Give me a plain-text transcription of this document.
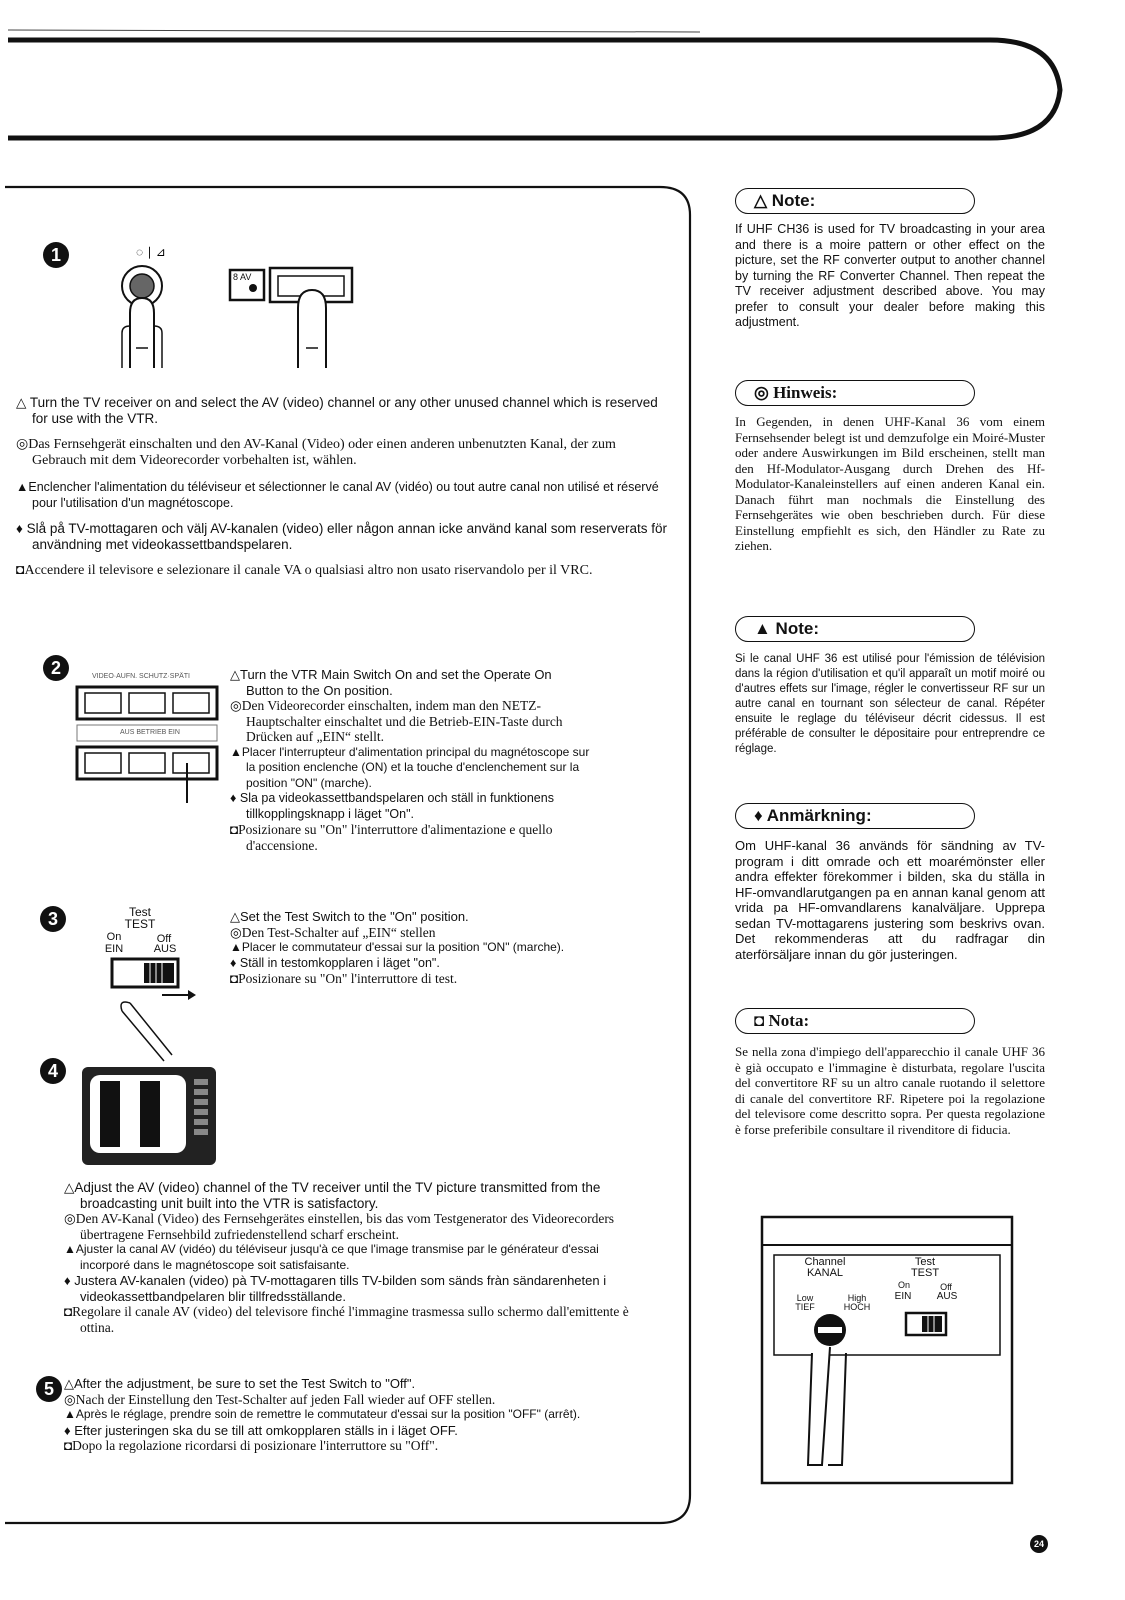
1	◌ ∣ ⊿
8 AV

△ Turn the TV receiver on and select the AV (video) channel or any other unused channel which is reserved for use with the VTR.

◎Das Fernsehgerät einschalten und den AV-Kanal (Video) oder einen anderen unbenutzten Kanal, der zum Gebrauch mit dem Videorecorder vorbehalten ist, wählen.

▲Enclencher l'alimentation du téléviseur et sélectionner le canal AV (vidéo) ou tout autre canal non utilisé et réservé pour l'utilisation d'un magnétoscope.

♦ Slå på TV-mottagaren och välj AV-kanalen (video) eller någon annan icke använd kanal som reserverats för användning met videokassettbandspelaren.

◘Accendere il televisore e selezionare il canale VA o qualsiasi altro non usato riservandolo per il VRC.

2	VIDEO·AUFN. SCHUTZ·SPÄTI
AUS BETRIEB EIN
△Turn the VTR Main Switch On and set the Operate On Button to the On position.
◎Den Videorecorder einschalten, indem man den NETZ-Hauptschalter einschaltet und die Betrieb-EIN-Taste durch Drücken auf „EIN“ stellt.
▲Placer l'interrupteur d'alimentation principal du magnétoscope sur la position enclenche (ON) et la touche d'enclenchement sur la position "ON" (marche).
♦ Sla pa videokassettbandspelaren och ställ in funktionens tillkopplingsknapp i läget "On".
◘Posizionare su "On" l'interruttore d'alimentazione e quello d'accensione.
3	Test
TEST
On	Off
EIN	AUS
△Set the Test Switch to the "On" position.
◎Den Test-Schalter auf „EIN“ stellen
▲Placer le commutateur d'essai sur la position "ON" (marche).
♦ Ställ in testomkopplaren i läget "on".
◘Posizionare su "On" l'interruttore di test.
4
△Adjust the AV (video) channel of the TV receiver until the TV picture transmitted from the broadcasting unit built into the VTR is satisfactory.
◎Den AV-Kanal (Video) des Fernsehgerätes einstellen, bis das vom Testgenerator des Videorecorders übertragene Fernsehbild zufriedenstellend scharf erscheint.
▲Ajuster la canal AV (vidéo) du téléviseur jusqu'à ce que l'image transmise par le générateur d'essai incorporé dans le magnétoscope soit satisfaisante.
♦ Justera AV-kanalen (video) pà TV-mottagaren tills TV-bilden som sänds fràn sändarenheten i videokassettbandpelaren blir tillfredsställande.
◘Regolare il canale AV (video) del televisore finché l'immagine trasmessa sullo schermo dall'emittente è ottina.
5 △After the adjustment, be sure to set the Test Switch to "Off".
◎Nach der Einstellung den Test-Schalter auf jeden Fall wieder auf OFF stellen.
▲Après le réglage, prendre soin de remettre le commutateur d'essai sur la position "OFF" (arrêt).
♦ Efter justeringen ska du se till att omkopplaren ställs in i läget OFF.
◘Dopo la regolazione ricordarsi di posizionare l'interruttore su "Off".
△ Note:
If UHF CH36 is used for TV broadcasting in your area and there is a moire pattern or other effect on the picture, set the RF converter output to another channel by turning the RF Converter Channel. Then repeat the TV receiver adjustment described above. You may prefer to consult your dealer before making this adjustment.
◎ Hinweis:
In Gegenden, in denen UHF-Kanal 36 vom einem Fernsehsender belegt ist und demzufolge ein Moiré-Muster oder andere Auswirkungen im Bild erscheinen, stellt man den Hf-Modulator-Ausgang durch Drehen des Hf-Modulator-Kanaleinstellers auf einen anderen Kanal ein. Danach führt man nochmals die Einstellung des Fernsehgerätes wie oben beschrieben durch. Für diese Einstellung empfiehlt es sich, den Händler zu Rate zu ziehen.
▲ Note:
Si le canal UHF 36 est utilisé pour l'émission de télévision dans la région d'utilisation et qu'il apparaît un motif moiré ou d'autres effets sur l'image, régler le convertisseur RF sur un autre canal en tournant son sélecteur de canal. Répéter ensuite le reglage du téléviseur décrit cidessus. Il est préférable de consulter le dépositaire pour entreprendre ce réglage.
♦ Anmärkning:
Om UHF-kanal 36 används för sändning av TV-program i ditt omrade och ett moarémönster eller andra effekter förekommer i bilden, ska du ställa in HF-omvandlarutgangen pa en annan kanal genom att vrida pa HF-omvandlarens kanalväljare. Upprepa sedan TV-mottagarens justering som beskrivs ovan. Det rekommenderas att du radfragar din aterförsäljare innan du gör justeringen.
◘ Nota:
Se nella zona d'impiego dell'apparecchio il canale UHF 36 è già occupato e l'immagine è disturbata, regolare l'uscita del convertitore RF su un altro canale ruotando il selettore di canale del convertitore RF. Ripetere poi la regolazione del televisore come descritto sopra. Per questa regolazione è forse preferibile consultare il rivenditore di fiducia.
Channel
KANAL
Low
TIEF
High
HOCH
Test
TEST
On	Off
EIN	AUS
24
